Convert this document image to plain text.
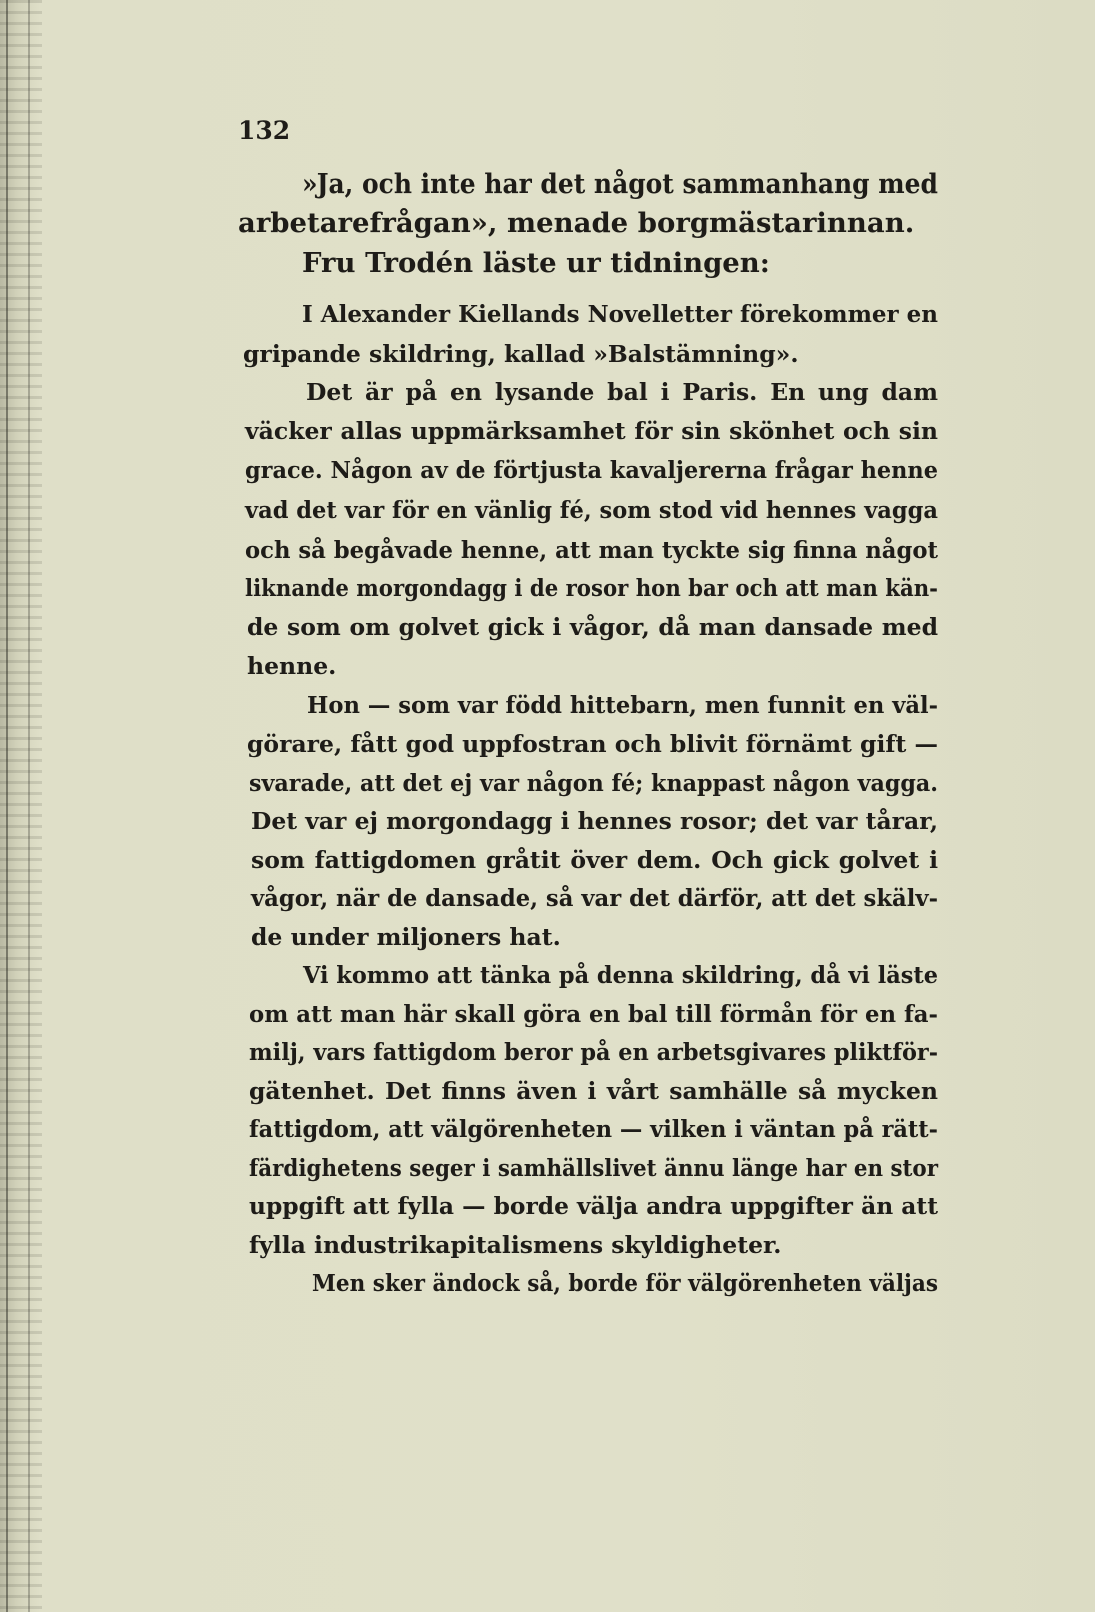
132
»Ja, och inte har det något sammanhang med
arbetarefrågan», menade borgmästarinnan.
Fru Trodén läste ur tidningen:
I Alexander Kiellands Novelletter förekommer en
gripande skildring, kallad »Balstämning».
Det är på en lysande bal i Paris. En ung dam
väcker allas uppmärksamhet för sin skönhet och sin
grace. Någon av de förtjusta kavaljererna frågar henne
vad det var för en vänlig fé, som stod vid hennes vagga
och så begåvade henne, att man tyckte sig finna något
liknande morgondagg i de rosor hon bar och att man kän-
de som om golvet gick i vågor, då man dansade med
henne.
Hon — som var född hittebarn, men funnit en väl-
görare, fått god uppfostran och blivit förnämt gift —
svarade, att det ej var någon fé; knappast någon vagga.
Det var ej morgondagg i hennes rosor; det var tårar,
som fattigdomen gråtit över dem. Och gick golvet i
vågor, när de dansade, så var det därför, att det skälv-
de under miljoners hat.
Vi kommo att tänka på denna skildring, då vi läste
om att man här skall göra en bal till förmån för en fa-
milj, vars fattigdom beror på en arbetsgivares pliktför-
gätenhet. Det finns även i vårt samhälle så mycken
fattigdom, att välgörenheten — vilken i väntan på rätt-
färdighetens seger i samhällslivet ännu länge har en stor
uppgift att fylla — borde välja andra uppgifter än att
fylla industrikapitalismens skyldigheter.
Men sker ändock så, borde för välgörenheten väljas
